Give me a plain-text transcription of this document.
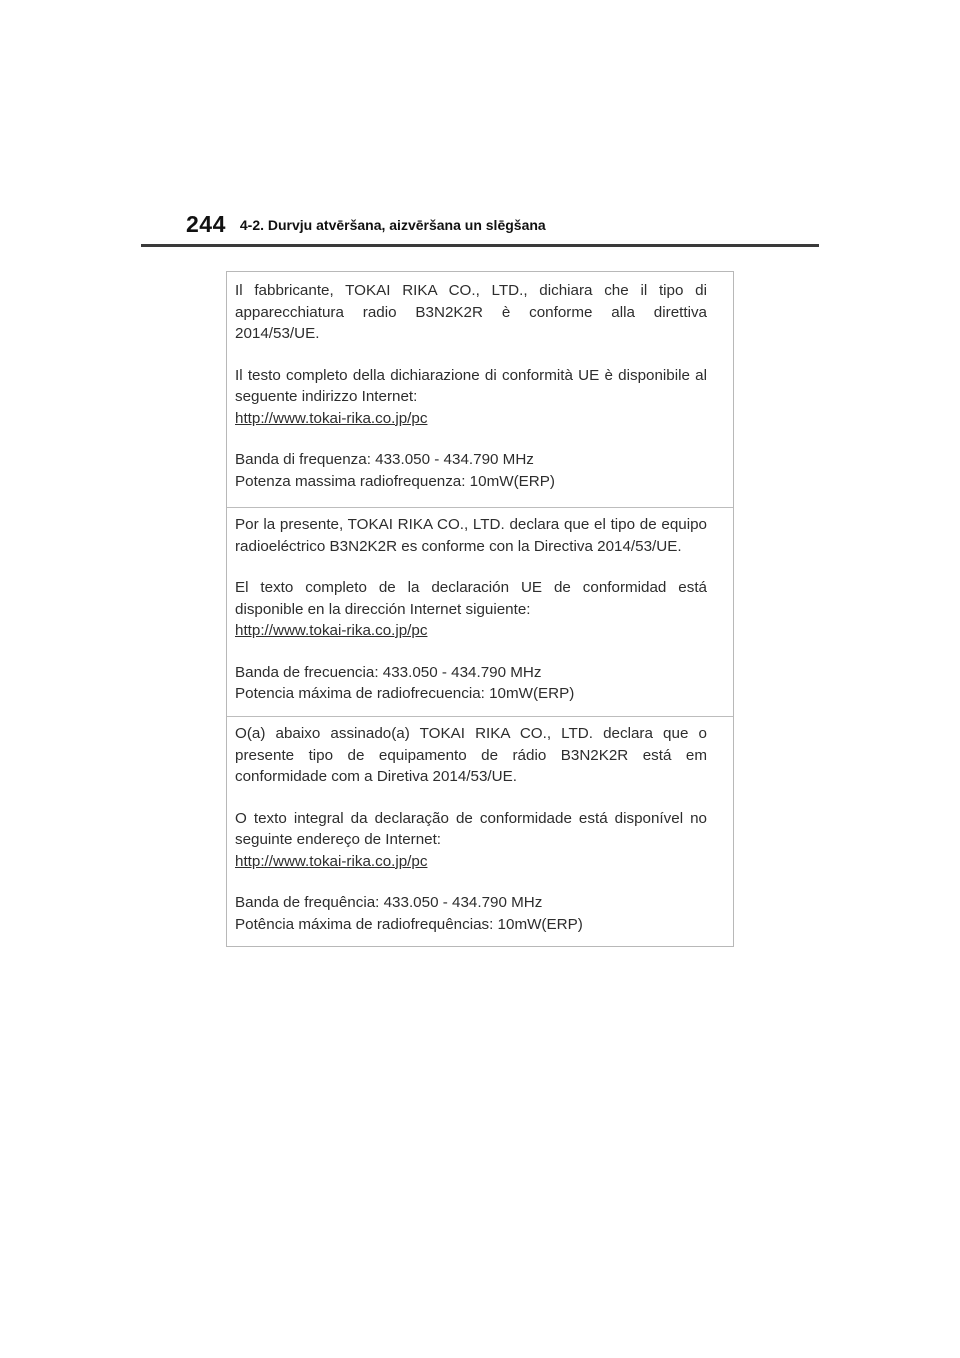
244 4-2. Durvju atvēršana, aizvēršana un slēgšana

Il fabbricante, TOKAI RIKA CO., LTD., dichiara che il tipo di apparecchiatura radio B3N2K2R è conforme alla direttiva 2014/53/UE.

Il testo completo della dichiarazione di conformità UE è disponibile al seguente indirizzo Internet:

http://www.tokai-rika.co.jp/pc
Banda di frequenza: 433.050 - 434.790 MHz
Potenza massima radiofrequenza: 10mW(ERP)

Por la presente, TOKAI RIKA CO., LTD. declara que el tipo de equipo radioeléctrico B3N2K2R es conforme con la Directiva 2014/53/UE.

El texto completo de la declaración UE de conformidad está disponible en la dirección Internet siguiente:

http://www.tokai-rika.co.jp/pc
Banda de frecuencia: 433.050 - 434.790 MHz
Potencia máxima de radiofrecuencia: 10mW(ERP)

O(a) abaixo assinado(a) TOKAI RIKA CO., LTD. declara que o presente tipo de equipamento de rádio B3N2K2R está em conformidade com a Diretiva 2014/53/UE.

O texto integral da declaração de conformidade está disponível no seguinte endereço de Internet:

http://www.tokai-rika.co.jp/pc
Banda de frequência: 433.050 - 434.790 MHz
Potência máxima de radiofrequências: 10mW(ERP)
